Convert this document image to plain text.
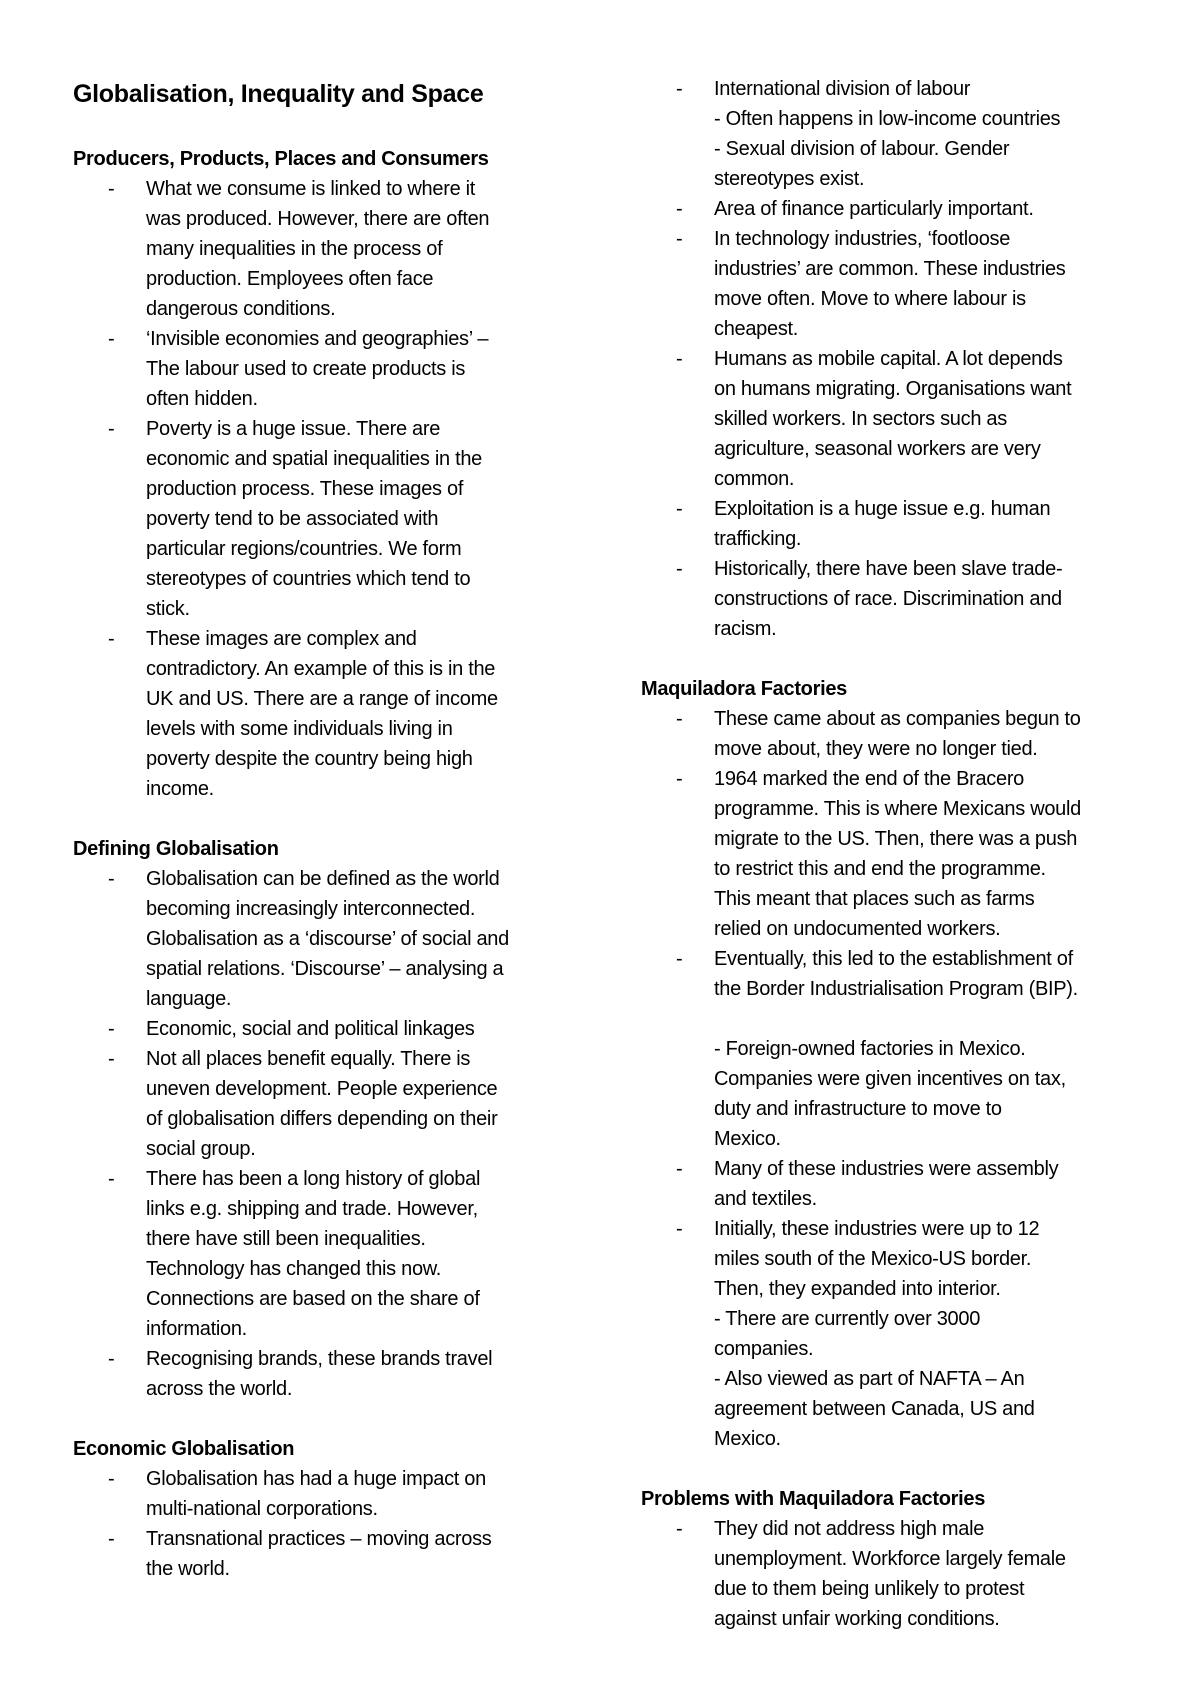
Globalisation, Inequality and Space
Producers, Products, Places and Consumers
- What we consume is linked to where it
was produced. However, there are often
many inequalities in the process of
production. Employees often face
dangerous conditions.
- ‘Invisible economies and geographies’ –
The labour used to create products is
often hidden.
- Poverty is a huge issue. There are
economic and spatial inequalities in the
production process. These images of
poverty tend to be associated with
particular regions/countries. We form
stereotypes of countries which tend to
stick.
- These images are complex and
contradictory. An example of this is in the
UK and US. There are a range of income
levels with some individuals living in
poverty despite the country being high
income.
Defining Globalisation
- Globalisation can be defined as the world
becoming increasingly interconnected.
Globalisation as a ‘discourse’ of social and
spatial relations. ‘Discourse’ – analysing a
language.
- Economic, social and political linkages
- Not all places benefit equally. There is
uneven development. People experience
of globalisation differs depending on their
social group.
- There has been a long history of global
links e.g. shipping and trade. However,
there have still been inequalities.
Technology has changed this now.
Connections are based on the share of
information.
- Recognising brands, these brands travel
across the world.
Economic Globalisation
- Globalisation has had a huge impact on
multi-national corporations.
- Transnational practices – moving across
the world.
- International division of labour
- Often happens in low-income countries
- Sexual division of labour. Gender
stereotypes exist.
- Area of finance particularly important.
- In technology industries, ‘footloose
industries’ are common. These industries
move often. Move to where labour is
cheapest.
- Humans as mobile capital. A lot depends
on humans migrating. Organisations want
skilled workers. In sectors such as
agriculture, seasonal workers are very
common.
- Exploitation is a huge issue e.g. human
trafficking.
- Historically, there have been slave trade-
constructions of race. Discrimination and
racism.
Maquiladora Factories
- These came about as companies begun to
move about, they were no longer tied.
- 1964 marked the end of the Bracero
programme. This is where Mexicans would
migrate to the US. Then, there was a push
to restrict this and end the programme.
This meant that places such as farms
relied on undocumented workers.
- Eventually, this led to the establishment of
the Border Industrialisation Program (BIP).

- Foreign-owned factories in Mexico.
Companies were given incentives on tax,
duty and infrastructure to move to
Mexico.
- Many of these industries were assembly
and textiles.
- Initially, these industries were up to 12
miles south of the Mexico-US border.
Then, they expanded into interior.
- There are currently over 3000
companies.
- Also viewed as part of NAFTA – An
agreement between Canada, US and
Mexico.
Problems with Maquiladora Factories
- They did not address high male
unemployment. Workforce largely female
due to them being unlikely to protest
against unfair working conditions.
